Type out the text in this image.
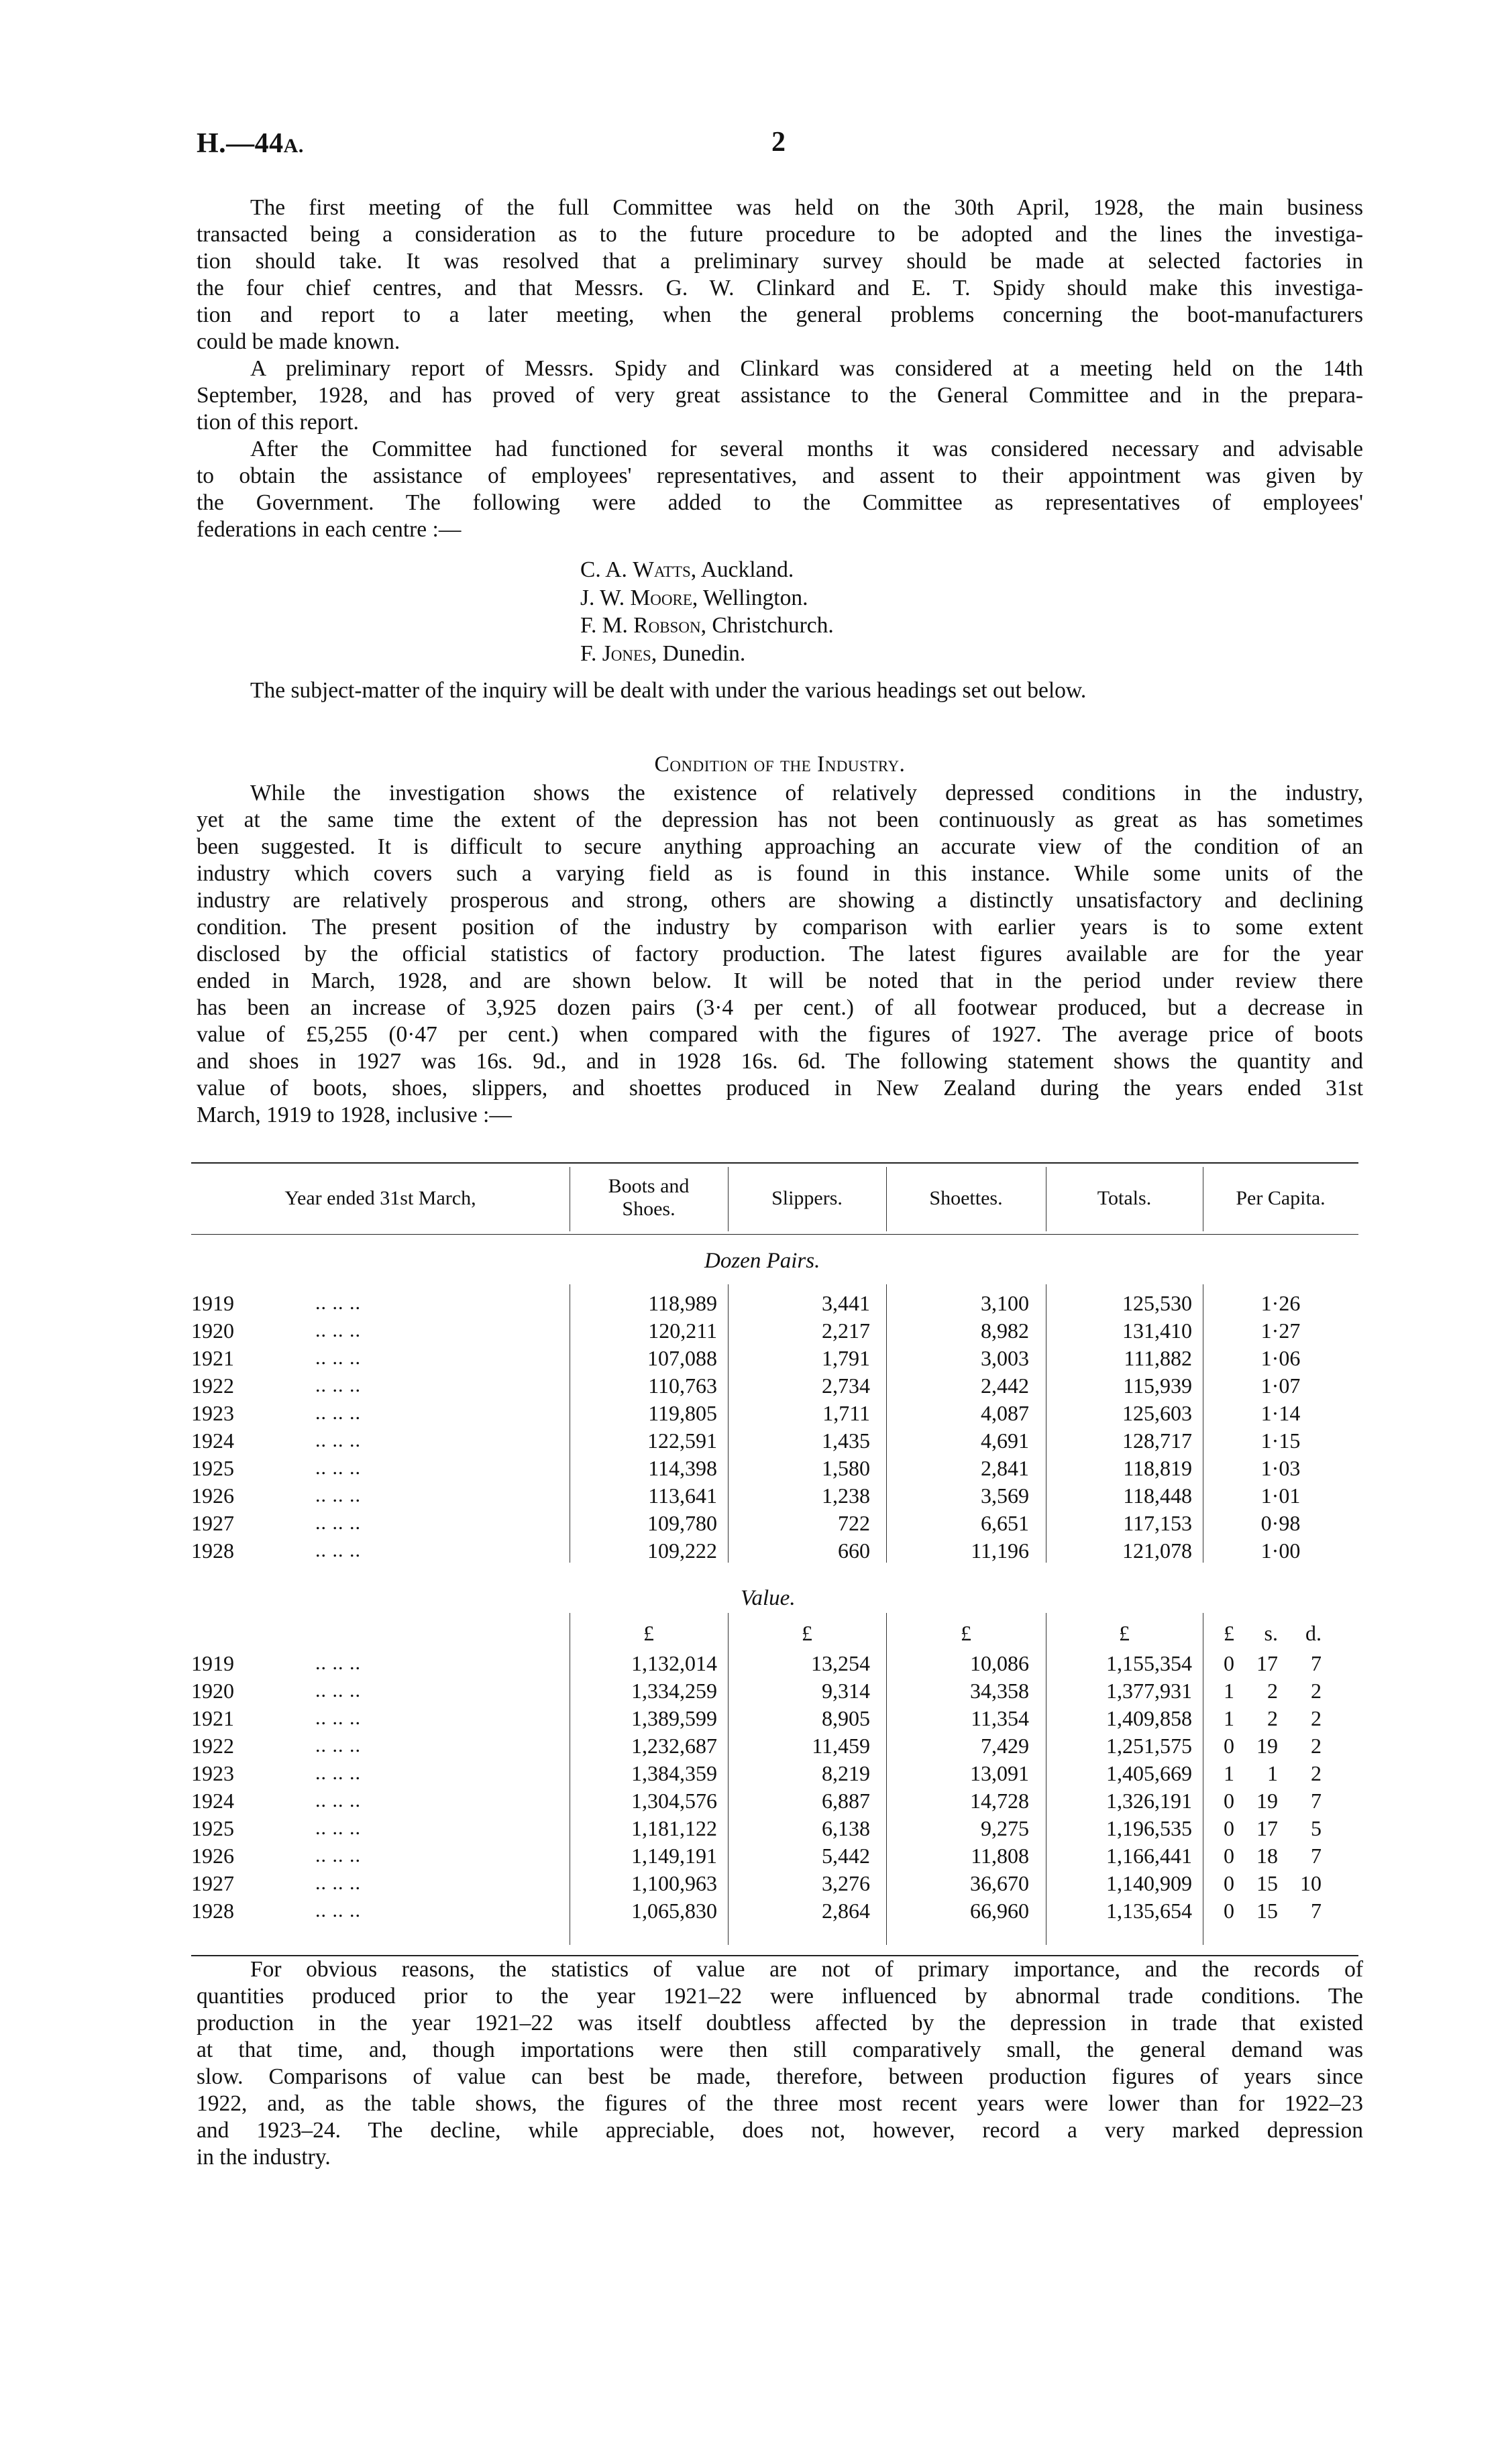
H.—44A.	2
The first meeting of the full Committee was held on the 30th April, 1928, the main business
transacted being a consideration as to the future procedure to be adopted and the lines the investiga-
tion should take. It was resolved that a preliminary survey should be made at selected factories in
the four chief centres, and that Messrs. G. W. Clinkard and E. T. Spidy should make this investiga-
tion and report to a later meeting, when the general problems concerning the boot-manufacturers
could be made known.
A preliminary report of Messrs. Spidy and Clinkard was considered at a meeting held on the 14th
September, 1928, and has proved of very great assistance to the General Committee and in the prepara-
tion of this report.
After the Committee had functioned for several months it was considered necessary and advisable
to obtain the assistance of employees' representatives, and assent to their appointment was given by
the Government. The following were added to the Committee as representatives of employees'
federations in each centre :—
C. A. Watts, Auckland.
J. W. Moore, Wellington.
F. M. Robson, Christchurch.
F. Jones, Dunedin.
The subject-matter of the inquiry will be dealt with under the various headings set out below.
Condition of the Industry.
While the investigation shows the existence of relatively depressed conditions in the industry,
yet at the same time the extent of the depression has not been continuously as great as has sometimes
been suggested. It is difficult to secure anything approaching an accurate view of the condition of an
industry which covers such a varying field as is found in this instance. While some units of the
industry are relatively prosperous and strong, others are showing a distinctly unsatisfactory and declining
condition. The present position of the industry by comparison with earlier years is to some extent
disclosed by the official statistics of factory production. The latest figures available are for the year
ended in March, 1928, and are shown below. It will be noted that in the period under review there
has been an increase of 3,925 dozen pairs (3·4 per cent.) of all footwear produced, but a decrease in
value of £5,255 (0·47 per cent.) when compared with the figures of 1927. The average price of boots
and shoes in 1927 was 16s. 9d., and in 1928 16s. 6d. The following statement shows the quantity and
value of boots, shoes, slippers, and shoettes produced in New Zealand during the years ended 31st
March, 1919 to 1928, inclusive :—
Year ended 31st March,
Boots and
Shoes.	Slippers.	Shoettes.	Totals.	Per Capita.
Dozen Pairs.
1919	.. .. ..	118,989	3,441	3,100	125,530	1·26
1920	.. .. ..	120,211	2,217	8,982	131,410	1·27
1921	.. .. ..	107,088	1,791	3,003	111,882	1·06
1922	.. .. ..	110,763	2,734	2,442	115,939	1·07
1923	.. .. ..	119,805	1,711	4,087	125,603	1·14
1924	.. .. ..	122,591	1,435	4,691	128,717	1·15
1925	.. .. ..	114,398	1,580	2,841	118,819	1·03
1926	.. .. ..	113,641	1,238	3,569	118,448	1·01
1927	.. .. ..	109,780	722	6,651	117,153	0·98
1928	.. .. ..	109,222	660	11,196	121,078	1·00
Value.
£	£	£	£	£	s.	d.
1919	.. .. ..	1,132,014	13,254	10,086	1,155,354	0	17	7
1920	.. .. ..	1,334,259	9,314	34,358	1,377,931	1	2	2
1921	.. .. ..	1,389,599	8,905	11,354	1,409,858	1	2	2
1922	.. .. ..	1,232,687	11,459	7,429	1,251,575	0	19	2
1923	.. .. ..	1,384,359	8,219	13,091	1,405,669	1	1	2
1924	.. .. ..	1,304,576	6,887	14,728	1,326,191	0	19	7
1925	.. .. ..	1,181,122	6,138	9,275	1,196,535	0	17	5
1926	.. .. ..	1,149,191	5,442	11,808	1,166,441	0	18	7
1927	.. .. ..	1,100,963	3,276	36,670	1,140,909	0	15	10
1928	.. .. ..	1,065,830	2,864	66,960	1,135,654	0	15	7
For obvious reasons, the statistics of value are not of primary importance, and the records of
quantities produced prior to the year 1921–22 were influenced by abnormal trade conditions. The
production in the year 1921–22 was itself doubtless affected by the depression in trade that existed
at that time, and, though importations were then still comparatively small, the general demand was
slow. Comparisons of value can best be made, therefore, between production figures of years since
1922, and, as the table shows, the figures of the three most recent years were lower than for 1922–23
and 1923–24. The decline, while appreciable, does not, however, record a very marked depression
in the industry.
